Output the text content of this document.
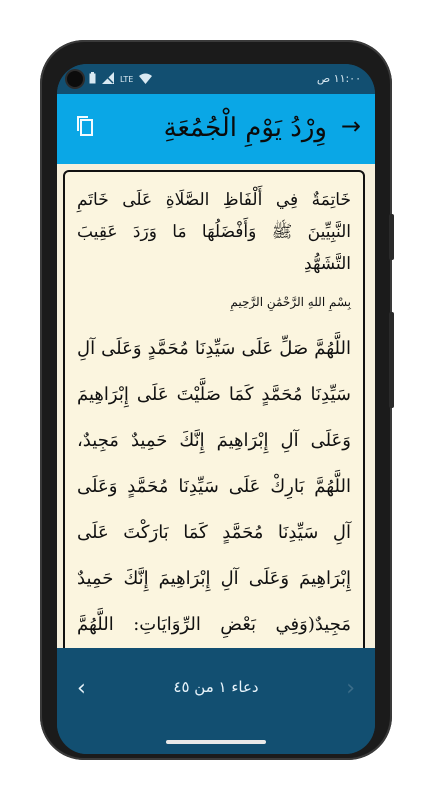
LTE	١١:٠٠ ص
وِرْدُ يَوْمِ الْجُمُعَةِ →
خَاتِمَةٌ فِي أَلْفَاظِ الصَّلَاةِ عَلَى خَاتَمِ النَّبِيِّينَ ﷺ وَأَفْضَلُهَا مَا وَرَدَ عَقِيبَ التَّشَهُّدِ
بِسْمِ اللهِ الرَّحْمَٰنِ الرَّحِيمِ
اللَّهُمَّ صَلِّ عَلَى سَيِّدِنَا مُحَمَّدٍ وَعَلَى آلِ سَيِّدِنَا مُحَمَّدٍ كَمَا صَلَّيْتَ عَلَى إِبْرَاهِيمَ وَعَلَى آلِ إِبْرَاهِيمَ إِنَّكَ حَمِيدٌ مَجِيدٌ، اللَّهُمَّ بَارِكْ عَلَى سَيِّدِنَا مُحَمَّدٍ وَعَلَى آلِ سَيِّدِنَا مُحَمَّدٍ كَمَا بَارَكْتَ عَلَى إِبْرَاهِيمَ وَعَلَى آلِ إِبْرَاهِيمَ إِنَّكَ حَمِيدٌ مَجِيدٌ(وَفِي بَعْضِ الرِّوَايَاتِ: اللَّهُمَّ
‹	دعاء ١ من ٤٥	›
